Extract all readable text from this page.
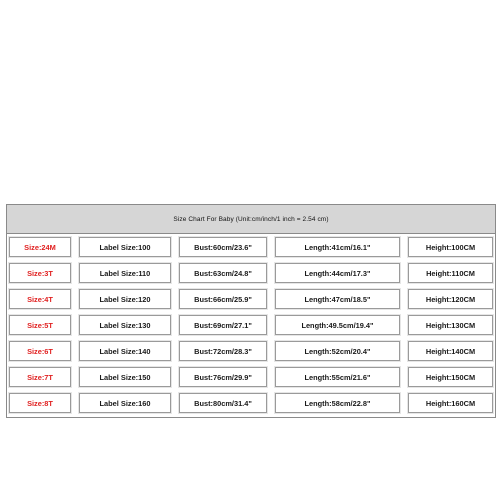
Size Chart For Baby (Unit:cm/inch/1 inch = 2.54 cm)
Size:24M	Label Size:100	Bust:60cm/23.6"	Length:41cm/16.1"	Height:100CM
Size:3T	Label Size:110	Bust:63cm/24.8"	Length:44cm/17.3"	Height:110CM
Size:4T	Label Size:120	Bust:66cm/25.9"	Length:47cm/18.5"	Height:120CM
Size:5T	Label Size:130	Bust:69cm/27.1"	Length:49.5cm/19.4"	Height:130CM
Size:6T	Label Size:140	Bust:72cm/28.3"	Length:52cm/20.4"	Height:140CM
Size:7T	Label Size:150	Bust:76cm/29.9"	Length:55cm/21.6"	Height:150CM
Size:8T	Label Size:160	Bust:80cm/31.4"	Length:58cm/22.8"	Height:160CM
